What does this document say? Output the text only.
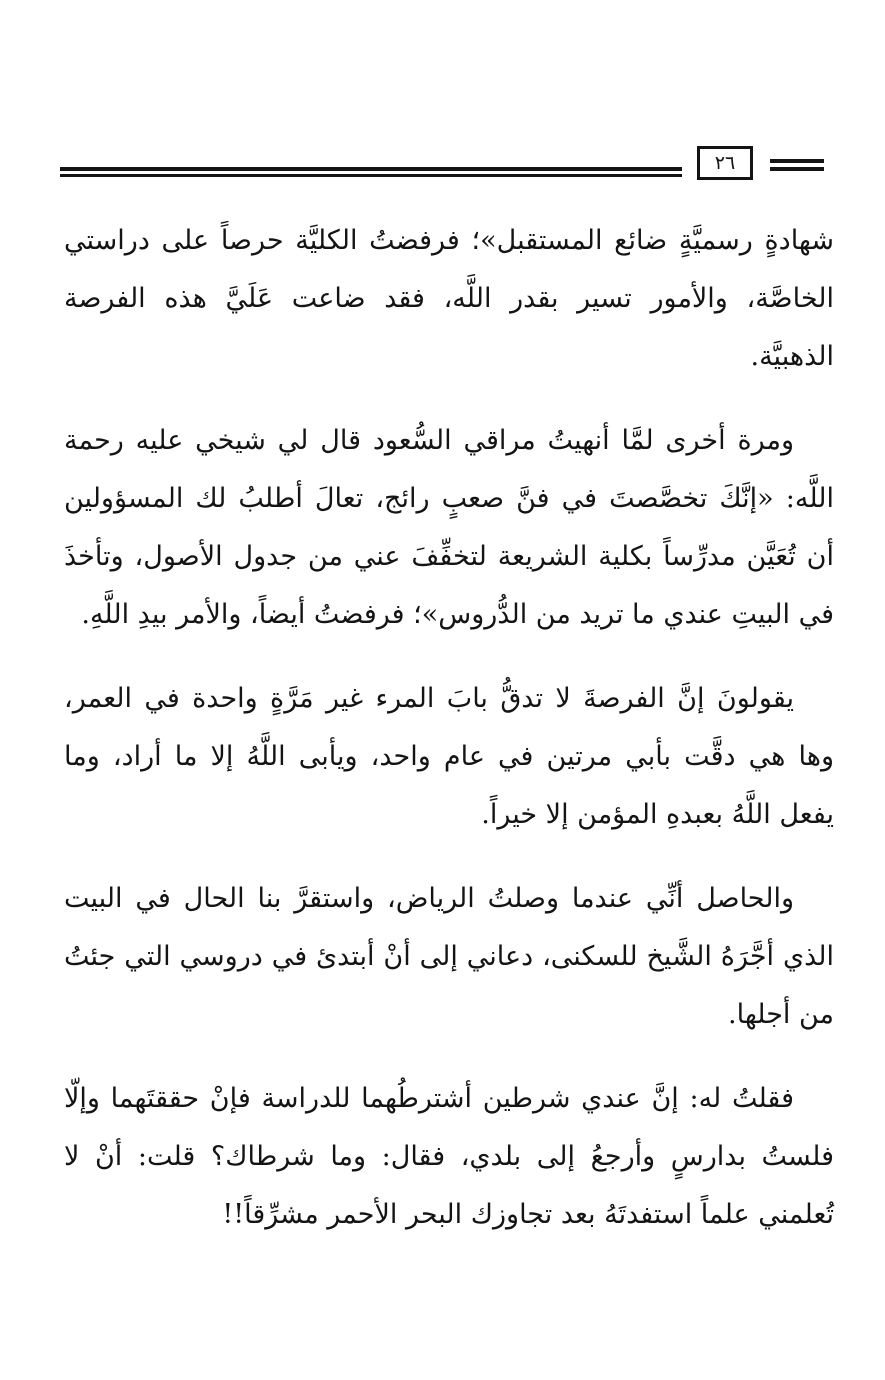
٢٦

شهادةٍ رسميَّةٍ ضائع المستقبل»؛ فرفضتُ الكليَّة حرصاً على دراستي الخاصَّة، والأمور تسير بقدر اللَّه، فقد ضاعت عَلَيَّ هذه الفرصة الذهبيَّة.

ومرة أخرى لمَّا أنهيتُ مراقي السُّعود قال لي شيخي عليه رحمة اللَّه: «إنَّكَ تخصَّصتَ في فنَّ صعبٍ رائج، تعالَ أطلبُ لك المسؤولين أن تُعَيَّن مدرِّساً بكلية الشريعة لتخفِّفَ عني من جدول الأصول، وتأخذَ في البيتِ عندي ما تريد من الدُّروس»؛ فرفضتُ أيضاً، والأمر بيدِ اللَّهِ.

يقولونَ إنَّ الفرصةَ لا تدقُّ بابَ المرء غير مَرَّةٍ واحدة في العمر، وها هي دقَّت بأبي مرتين في عام واحد، ويأبى اللَّهُ إلا ما أراد، وما يفعل اللَّهُ بعبدهِ المؤمن إلا خيراً.

والحاصل أنِّي عندما وصلتُ الرياض، واستقرَّ بنا الحال في البيت الذي أجَّرَهُ الشَّيخ للسكنى، دعاني إلى أنْ أبتدئ في دروسي التي جئتُ من أجلها.

فقلتُ له: إنَّ عندي شرطين أشترطُهما للدراسة فإنْ حققتَهما وإلّا فلستُ بدارسٍ وأرجعُ إلى بلدي، فقال: وما شرطاك؟ قلت: أنْ لا تُعلمني علماً استفدتَهُ بعد تجاوزك البحر الأحمر مشرِّقاً!!
